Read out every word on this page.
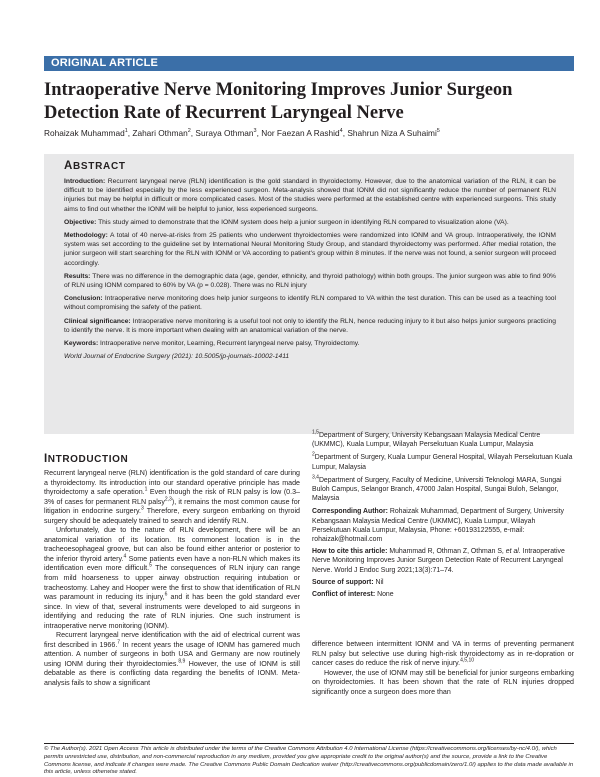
ORIGINAL ARTICLE
Intraoperative Nerve Monitoring Improves Junior Surgeon Detection Rate of Recurrent Laryngeal Nerve
Rohaizak Muhammad$^1$, Zahari Othman$^2$, Suraya Othman$^3$, Nor Faezan A Rashid$^4$, Shahrun Niza A Suhaimi$^5$
ABSTRACT

Introduction: Recurrent laryngeal nerve (RLN) identification is the gold standard in thyroidectomy. However, due to the anatomical variation of the RLN, it can be difficult to be identified especially by the less experienced surgeon. Meta-analysis showed that IONM did not significantly reduce the number of permanent RLN injuries but may be helpful in difficult or more complicated cases. Most of the studies were performed at the established centre with experienced surgeons. This study aims to find out whether the IONM will be helpful to junior, less experienced surgeons.

Objective: This study aimed to demonstrate that the IONM system does help a junior surgeon in identifying RLN compared to visualization alone (VA).

Methodology: A total of 40 nerve-at-risks from 25 patients who underwent thyroidectomies were randomized into IONM and VA group. Intraoperatively, the IONM system was set according to the guideline set by International Neural Monitoring Study Group, and standard thyroidectomy was performed. After medial rotation, the junior surgeon will start searching for the RLN with IONM or VA according to patient's group within 8 minutes. If the nerve was not found, a senior surgeon will proceed accordingly.

Results: There was no difference in the demographic data (age, gender, ethnicity, and thyroid pathology) within both groups. The junior surgeon was able to find 90% of RLN using IONM compared to 60% by VA (p = 0.028). There was no RLN injury

Conclusion: Intraoperative nerve monitoring does help junior surgeons to identify RLN compared to VA within the test duration. This can be used as a teaching tool without compromising the safety of the patient.

Clinical significance: Intraoperative nerve monitoring is a useful tool not only to identify the RLN, hence reducing injury to it but also helps junior surgeons practicing to identify the nerve. It is more important when dealing with an anatomical variation of the nerve.

Keywords: Intraoperative nerve monitor, Learning, Recurrent laryngeal nerve palsy, Thyroidectomy.

World Journal of Endocrine Surgery (2021): 10.5005/jp-journals-10002-1411

INTRODUCTION

Recurrent laryngeal nerve (RLN) identification is the gold standard of care during a thyroidectomy. Its introduction into our standard operative principle has made thyroidectomy a safe operation.$^1$ Even though the risk of RLN palsy is low (0.3–3% of cases for permanent RLN palsy$^{2,3}$), it remains the most common cause for litigation in endocrine surgery.$^3$ Therefore, every surgeon embarking on thyroid surgery should be adequately trained to search and identify RLN.

Unfortunately, due to the nature of RLN development, there will be an anatomical variation of its location. Its commonest location is in the tracheoesophageal groove, but can also be found either anterior or posterior to the inferior thyroid artery.$^4$ Some patients even have a non-RLN which makes its identification even more difficult.$^5$ The consequences of RLN injury can range from mild hoarseness to upper airway obstruction requiring intubation or tracheostomy. Lahey and Hooper were the first to show that identification of RLN was paramount in reducing its injury,$^6$ and it has been the gold standard ever since. In view of that, several instruments were developed to aid surgeons in identifying and reducing the rate of RLN injuries. One such instrument is intraoperative nerve monitoring (IONM).

Recurrent laryngeal nerve identification with the aid of electrical current was first described in 1966.$^7$ In recent years the usage of IONM has garnered much attention. A number of surgeons in both USA and Germany are now routinely using IONM during their thyroidectomies.$^{8,9}$ However, the use of IONM is still debatable as there is conflicting data regarding the benefits of IONM. Meta-analysis fails to show a significant

$^{1,5}$Department of Surgery, University Kebangsaan Malaysia Medical Centre (UKMMC), Kuala Lumpur, Wilayah Persekutuan Kuala Lumpur, Malaysia

$^2$Department of Surgery, Kuala Lumpur General Hospital, Wilayah Persekutuan Kuala Lumpur, Malaysia

$^{3,4}$Department of Surgery, Faculty of Medicine, Universiti Teknologi MARA, Sungai Buloh Campus, Selangor Branch, 47000 Jalan Hospital, Sungai Buloh, Selangor, Malaysia

Corresponding Author: Rohaizak Muhammad, Department of Surgery, University Kebangsaan Malaysia Medical Centre (UKMMC), Kuala Lumpur, Wilayah Persekutuan Kuala Lumpur, Malaysia, Phone: +60193122555, e-mail: rohaizak@hotmail.com

How to cite this article: Muhammad R, Othman Z, Othman S, et al. Intraoperative Nerve Monitoring Improves Junior Surgeon Detection Rate of Recurrent Laryngeal Nerve. World J Endoc Surg 2021;13(3):71–74.

Source of support: Nil

Conflict of interest: None

difference between intermittent IONM and VA in terms of preventing permanent RLN palsy but selective use during high-risk thyroidectomy as in re-dopration or cancer cases do reduce the risk of nerve injury.$^{4,5,10}$

However, the use of IONM may still be beneficial for junior surgeons embarking on thyroidectomies. It has been shown that the rate of RLN injuries dropped significantly once a surgeon does more than

© The Author(s). 2021 Open Access This article is distributed under the terms of the Creative Commons Attribution 4.0 International License (https://creativecommons.org/licenses/by-nc/4.0/), which permits unrestricted use, distribution, and non-commercial reproduction in any medium, provided you give appropriate credit to the original author(s) and the source, provide a link to the Creative Commons license, and indicate if changes were made. The Creative Commons Public Domain Dedication waiver (http://creativecommons.org/publicdomain/zero/1.0/) applies to the data made available in this article, unless otherwise stated.
